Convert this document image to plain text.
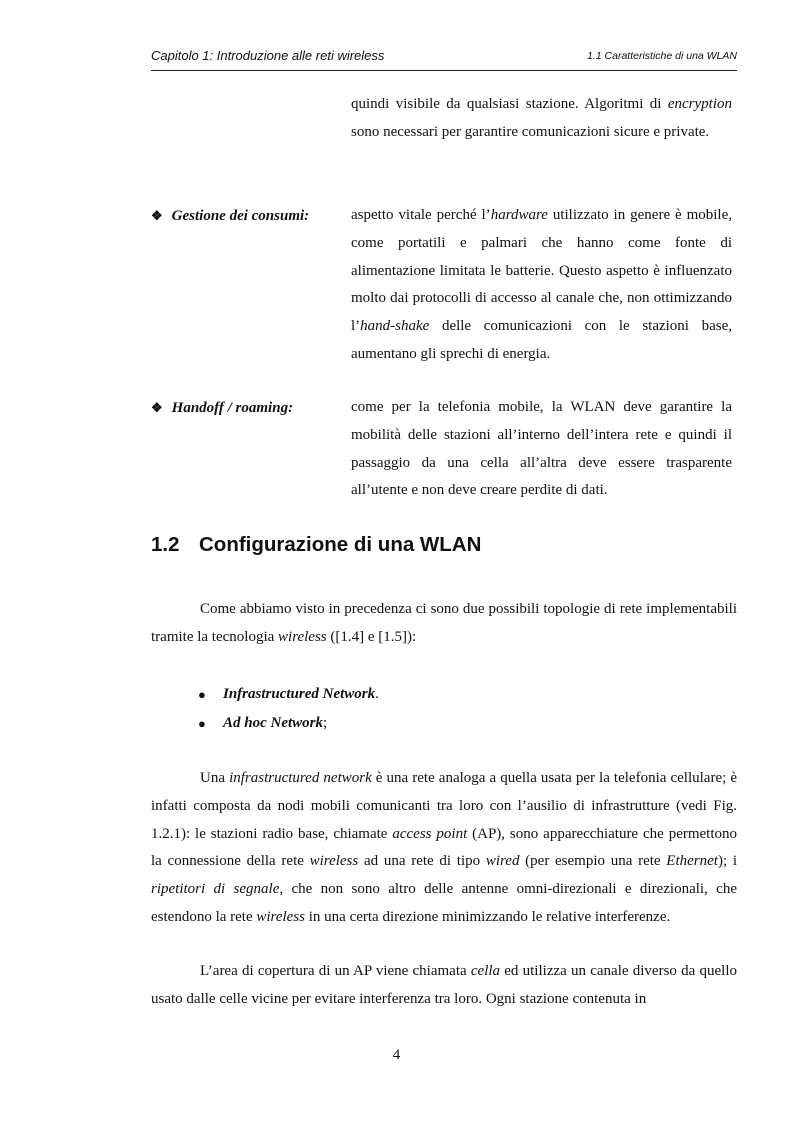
Capitolo 1: Introduzione alle reti wireless	1.1 Caratteristiche di una WLAN

quindi visibile da qualsiasi stazione. Algoritmi di encryption sono necessari per garantire comunicazioni sicure e private.

❖ Gestione dei consumi:	aspetto vitale perché l’hardware utilizzato in genere è mobile, come portatili e palmari che hanno come fonte di alimentazione limitata le batterie. Questo aspetto è influenzato molto dai protocolli di accesso al canale che, non ottimizzando l’hand-shake delle comunicazioni con le stazioni base, aumentano gli sprechi di energia.

❖ Handoff / roaming:	come per la telefonia mobile, la WLAN deve garantire la mobilità delle stazioni all’interno dell’intera rete e quindi il passaggio da una cella all’altra deve essere trasparente all’utente e non deve creare perdite di dati.

1.2 Configurazione di una WLAN

Come abbiamo visto in precedenza ci sono due possibili topologie di rete implementabili tramite la tecnologia wireless ([1.4] e [1.5]):

● Infrastructured Network.
● Ad hoc Network;

Una infrastructured network è una rete analoga a quella usata per la telefonia cellulare; è infatti composta da nodi mobili comunicanti tra loro con l’ausilio di infrastrutture (vedi Fig. 1.2.1): le stazioni radio base, chiamate access point (AP), sono apparecchiature che permettono la connessione della rete wireless ad una rete di tipo wired (per esempio una rete Ethernet); i ripetitori di segnale, che non sono altro delle antenne omni-direzionali e direzionali, che estendono la rete wireless in una certa direzione minimizzando le relative interferenze.

L’area di copertura di un AP viene chiamata cella ed utilizza un canale diverso da quello usato dalle celle vicine per evitare interferenza tra loro. Ogni stazione contenuta in

4
